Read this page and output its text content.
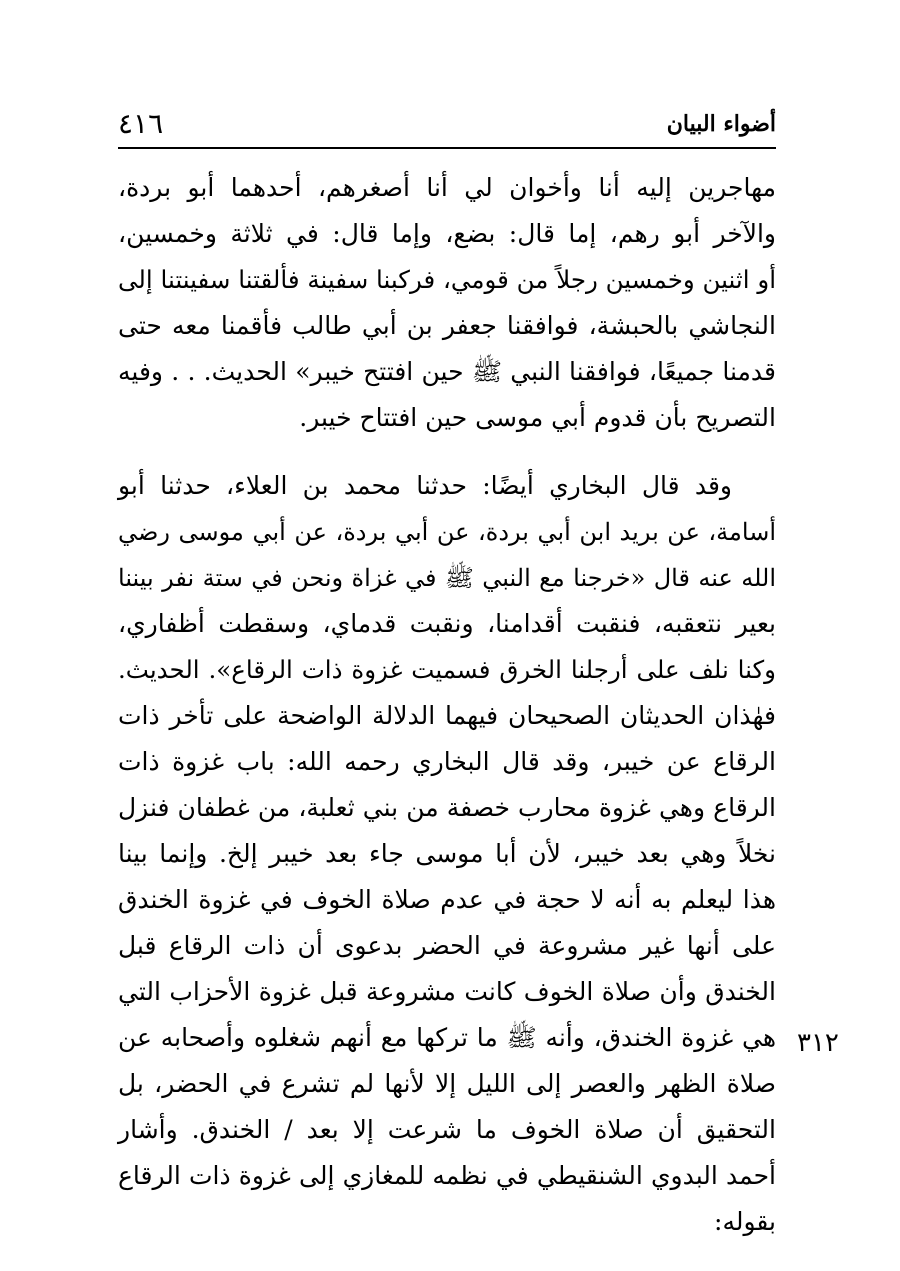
٤١٦	أضواء البيان
٣١٢
مهاجرين إليه أنا وأخوان لي أنا أصغرهم، أحدهما أبو بردة،
والآخر أبو رهم، إما قال: بضع، وإما قال: في ثلاثة وخمسين،
أو اثنين وخمسين رجلاً من قومي، فركبنا سفينة فألقتنا سفينتنا إلى
النجاشي بالحبشة، فوافقنا جعفر بن أبي طالب فأقمنا معه حتى
قدمنا جميعًا، فوافقنا النبي ﷺ حين افتتح خيبر» الحديث. . . وفيه
التصريح بأن قدوم أبي موسى حين افتتاح خيبر.
وقد قال البخاري أيضًا: حدثنا محمد بن العلاء، حدثنا أبو
أسامة، عن بريد ابن أبي بردة، عن أبي بردة، عن أبي موسى رضي
الله عنه قال «خرجنا مع النبي ﷺ في غزاة ونحن في ستة نفر بيننا
بعير نتعقبه، فنقبت أقدامنا، ونقبت قدماي، وسقطت أظفاري،
وكنا نلف على أرجلنا الخرق فسميت غزوة ذات الرقاع». الحديث.
فهٰذان الحديثان الصحيحان فيهما الدلالة الواضحة على تأخر ذات
الرقاع عن خيبر، وقد قال البخاري رحمه الله: باب غزوة ذات
الرقاع وهي غزوة محارب خصفة من بني ثعلبة، من غطفان فنزل
نخلاً وهي بعد خيبر، لأن أبا موسى جاء بعد خيبر إلخ. وإنما بينا
هذا ليعلم به أنه لا حجة في عدم صلاة الخوف في غزوة الخندق
على أنها غير مشروعة في الحضر بدعوى أن ذات الرقاع قبل
الخندق وأن صلاة الخوف كانت مشروعة قبل غزوة الأحزاب التي
هي غزوة الخندق، وأنه ﷺ ما تركها مع أنهم شغلوه وأصحابه عن
صلاة الظهر والعصر إلى الليل إلا لأنها لم تشرع في الحضر، بل
التحقيق أن صلاة الخوف ما شرعت إلا بعد / الخندق. وأشار
أحمد البدوي الشنقيطي في نظمه للمغازي إلى غزوة ذات الرقاع
بقوله:
